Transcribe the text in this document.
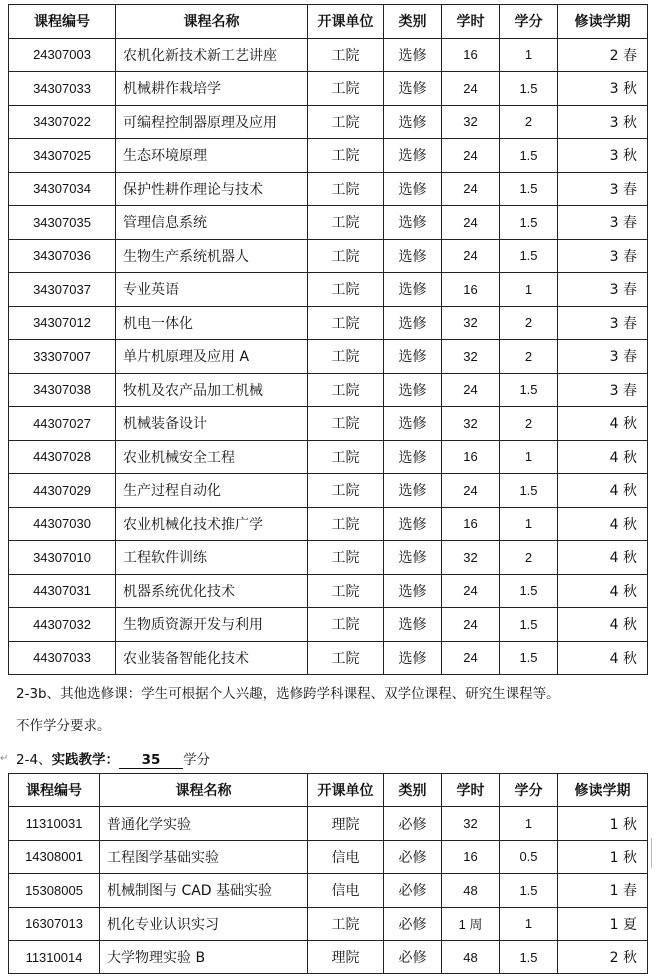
课程编号	课程名称	开课单位	类别	学时	学分	修读学期
24307003	农机化新技术新工艺讲座	工院	选修	16	1	2 春
34307033	机械耕作栽培学	工院	选修	24	1.5	3 秋
34307022	可编程控制器原理及应用	工院	选修	32	2	3 秋
34307025	生态环境原理	工院	选修	24	1.5	3 秋
34307034	保护性耕作理论与技术	工院	选修	24	1.5	3 春
34307035	管理信息系统	工院	选修	24	1.5	3 春
34307036	生物生产系统机器人	工院	选修	24	1.5	3 春
34307037	专业英语	工院	选修	16	1	3 春
34307012	机电一体化	工院	选修	32	2	3 春
33307007	单片机原理及应用 A	工院	选修	32	2	3 春
34307038	牧机及农产品加工机械	工院	选修	24	1.5	3 春
44307027	机械装备设计	工院	选修	32	2	4 秋
44307028	农业机械安全工程	工院	选修	16	1	4 秋
44307029	生产过程自动化	工院	选修	24	1.5	4 秋
44307030	农业机械化技术推广学	工院	选修	16	1	4 秋
34307010	工程软件训练	工院	选修	32	2	4 秋
44307031	机器系统优化技术	工院	选修	24	1.5	4 秋
44307032	生物质资源开发与利用	工院	选修	24	1.5	4 秋
44307033	农业装备智能化技术	工院	选修	24	1.5	4 秋
2-3b、其他选修课：学生可根据个人兴趣，选修跨学科课程、双学位课程、研究生课程等。
不作学分要求。
↵ 2-4、实践教学： 35 学分
课程编号	课程名称	开课单位	类别	学时	学分	修读学期
11310031	普通化学实验	理院	必修	32	1	1 秋
14308001	工程图学基础实验	信电	必修	16	0.5	1 秋
15308005	机械制图与 CAD 基础实验	信电	必修	48	1.5	1 春
16307013	机化专业认识实习	工院	必修	1 周	1	1 夏
11310014	大学物理实验 B	理院	必修	48	1.5	2 秋
